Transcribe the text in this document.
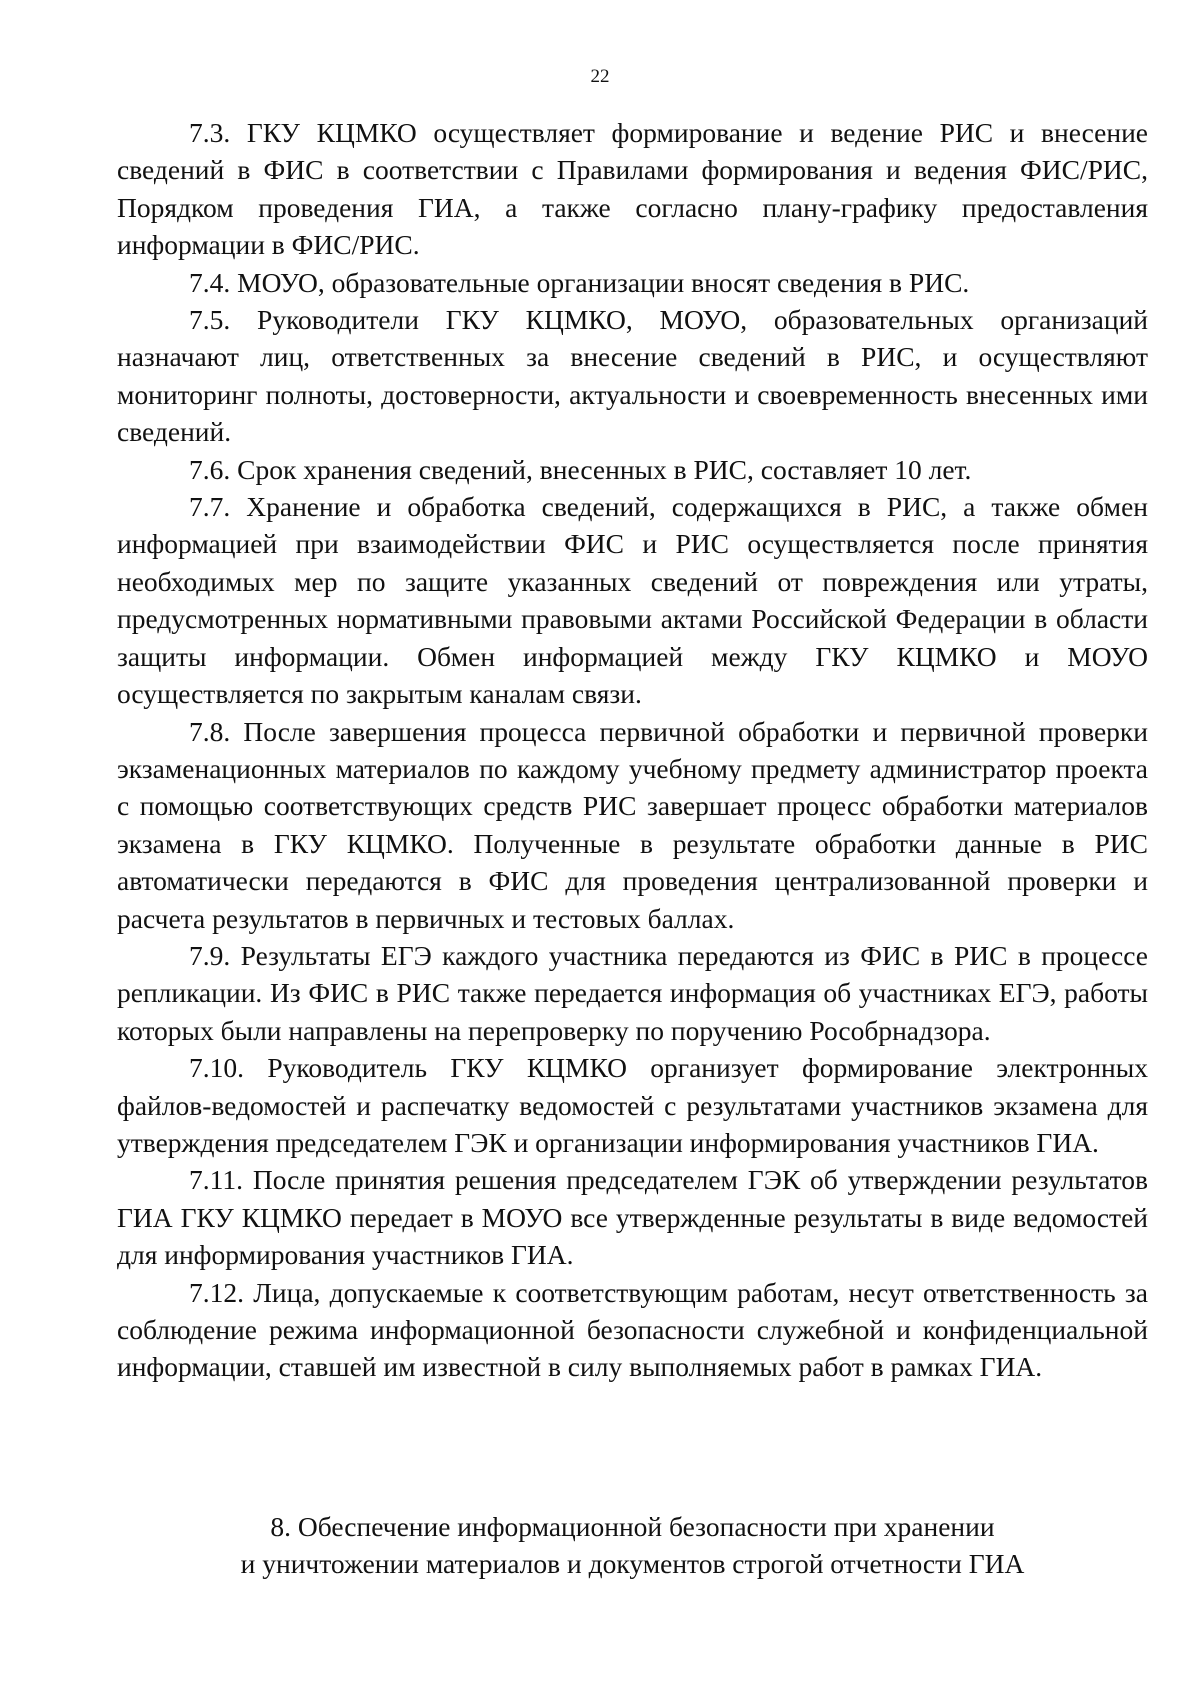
22

7.3. ГКУ КЦМКО осуществляет формирование и ведение РИС и внесение сведений в ФИС в соответствии с Правилами формирования и ведения ФИС/РИС, Порядком проведения ГИА, а также согласно плану-графику предоставления информации в ФИС/РИС.

7.4. МОУО, образовательные организации вносят сведения в РИС.

7.5. Руководители ГКУ КЦМКО, МОУО, образовательных организаций назначают лиц, ответственных за внесение сведений в РИС, и осуществляют мониторинг полноты, достоверности, актуальности и своевременность внесенных ими сведений.

7.6. Срок хранения сведений, внесенных в РИС, составляет 10 лет.

7.7. Хранение и обработка сведений, содержащихся в РИС, а также обмен информацией при взаимодействии ФИС и РИС осуществляется после принятия необходимых мер по защите указанных сведений от повреждения или утраты, предусмотренных нормативными правовыми актами Российской Федерации в области защиты информации. Обмен информацией между ГКУ КЦМКО и МОУО осуществляется по закрытым каналам связи.

7.8. После завершения процесса первичной обработки и первичной проверки экзаменационных материалов по каждому учебному предмету администратор проекта с помощью соответствующих средств РИС завершает процесс обработки материалов экзамена в ГКУ КЦМКО. Полученные в результате обработки данные в РИС автоматически передаются в ФИС для проведения централизованной проверки и расчета результатов в первичных и тестовых баллах.

7.9. Результаты ЕГЭ каждого участника передаются из ФИС в РИС в процессе репликации. Из ФИС в РИС также передается информация об участниках ЕГЭ, работы которых были направлены на перепроверку по поручению Рособрнадзора.

7.10. Руководитель ГКУ КЦМКО организует формирование электронных файлов-ведомостей и распечатку ведомостей с результатами участников экзамена для утверждения председателем ГЭК и организации информирования участников ГИА.

7.11. После принятия решения председателем ГЭК об утверждении результатов ГИА ГКУ КЦМКО передает в МОУО все утвержденные результаты в виде ведомостей для информирования участников ГИА.

7.12. Лица, допускаемые к соответствующим работам, несут ответственность за соблюдение режима информационной безопасности служебной и конфиденциальной информации, ставшей им известной в силу выполняемых работ в рамках ГИА.

8. Обеспечение информационной безопасности при хранении
и уничтожении материалов и документов строгой отчетности ГИА
